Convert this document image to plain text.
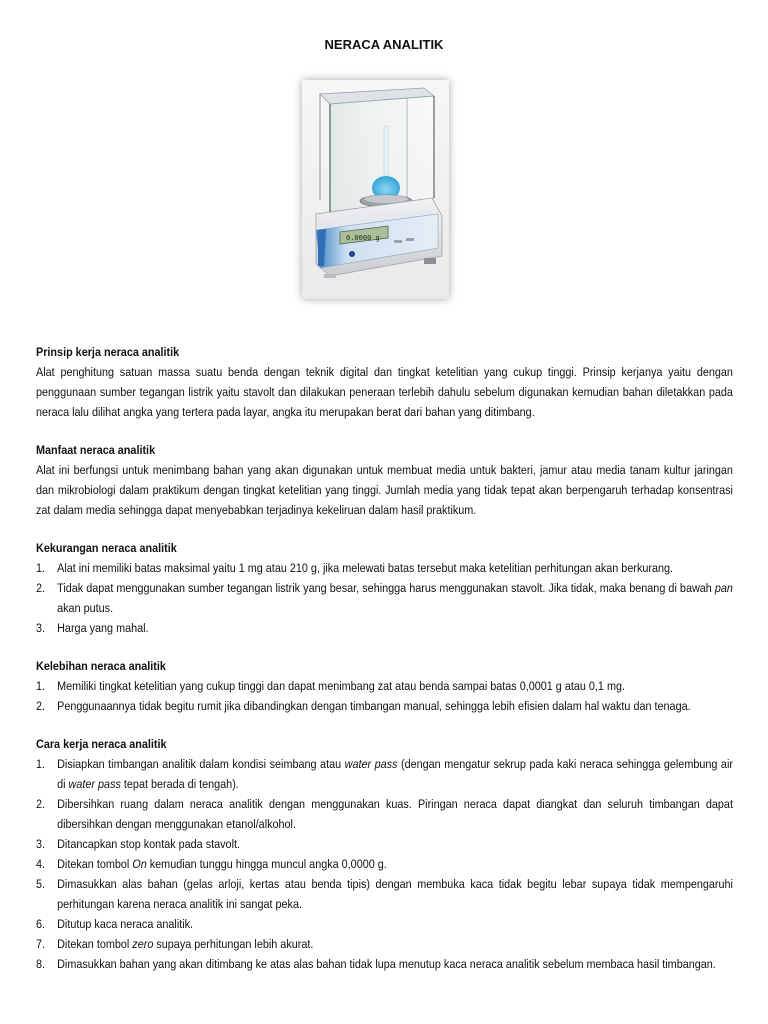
NERACA ANALITIK
0.0000 g
Prinsip kerja neraca analitik
Alat penghitung satuan massa suatu benda dengan teknik digital dan tingkat ketelitian yang cukup tinggi. Prinsip kerjanya yaitu dengan penggunaan sumber tegangan listrik yaitu stavolt dan dilakukan peneraan terlebih dahulu sebelum digunakan kemudian bahan diletakkan pada neraca lalu dilihat angka yang tertera pada layar, angka itu merupakan berat dari bahan yang ditimbang.
Manfaat neraca analitik
Alat ini berfungsi untuk menimbang bahan yang akan digunakan untuk membuat media untuk bakteri, jamur atau media tanam kultur jaringan dan mikrobiologi dalam praktikum dengan tingkat ketelitian yang tinggi. Jumlah media yang tidak tepat akan berpengaruh terhadap konsentrasi zat dalam media sehingga dapat menyebabkan terjadinya kekeliruan dalam hasil praktikum.
Kekurangan neraca analitik
1. Alat ini memiliki batas maksimal yaitu 1 mg atau 210 g, jika melewati batas tersebut maka ketelitian perhitungan akan berkurang.
2. Tidak dapat menggunakan sumber tegangan listrik yang besar, sehingga harus menggunakan stavolt. Jika tidak, maka benang di bawah pan akan putus.
3. Harga yang mahal.
Kelebihan neraca analitik
1. Memiliki tingkat ketelitian yang cukup tinggi dan dapat menimbang zat atau benda sampai batas 0,0001 g atau 0,1 mg.
2. Penggunaannya tidak begitu rumit jika dibandingkan dengan timbangan manual, sehingga lebih efisien dalam hal waktu dan tenaga.
Cara kerja neraca analitik
1. Disiapkan timbangan analitik dalam kondisi seimbang atau water pass (dengan mengatur sekrup pada kaki neraca sehingga gelembung air di water pass tepat berada di tengah).
2. Dibersihkan ruang dalam neraca analitik dengan menggunakan kuas. Piringan neraca dapat diangkat dan seluruh timbangan dapat dibersihkan dengan menggunakan etanol/alkohol.
3. Ditancapkan stop kontak pada stavolt.
4. Ditekan tombol On kemudian tunggu hingga muncul angka 0,0000 g.
5. Dimasukkan alas bahan (gelas arloji, kertas atau benda tipis) dengan membuka kaca tidak begitu lebar supaya tidak mempengaruhi perhitungan karena neraca analitik ini sangat peka.
6. Ditutup kaca neraca analitik.
7. Ditekan tombol zero supaya perhitungan lebih akurat.
8. Dimasukkan bahan yang akan ditimbang ke atas alas bahan tidak lupa menutup kaca neraca analitik sebelum membaca hasil timbangan.
